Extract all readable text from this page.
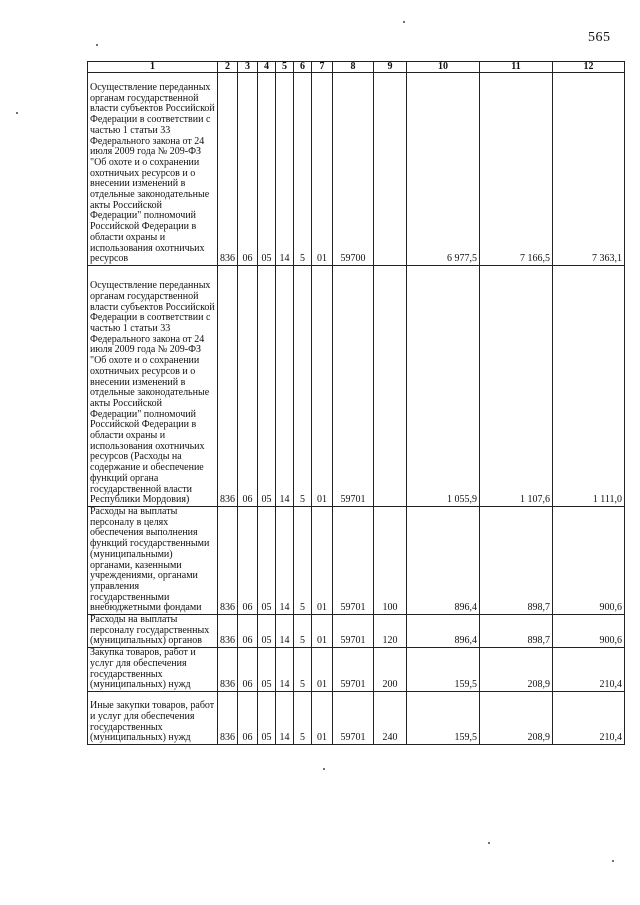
565
1	2	3	4	5	6	7	8	9	10	11	12
Осуществление переданных органам государственной власти субъектов Российской Федерации в соответствии с частью 1 статьи 33 Федерального закона от 24 июля 2009 года № 209-ФЗ "Об охоте и о сохранении охотничьих ресурсов и о внесении изменений в отдельные законодательные акты Российской Федерации" полномочий Российской Федерации в области охраны и использования охотничьих ресурсов	836	06	05	14	5	01	59700		6 977,5	7 166,5	7 363,1
Осуществление переданных органам государственной власти субъектов Российской Федерации в соответствии с частью 1 статьи 33 Федерального закона от 24 июля 2009 года № 209-ФЗ "Об охоте и о сохранении охотничьих ресурсов и о внесении изменений в отдельные законодательные акты Российской Федерации" полномочий Российской Федерации в области охраны и использования охотничьих ресурсов (Расходы на содержание и обеспечение функций органа государственной власти Республики Мордовия)	836	06	05	14	5	01	59701		1 055,9	1 107,6	1 111,0
Расходы на выплаты персоналу в целях обеспечения выполнения функций государственными (муниципальными) органами, казенными учреждениями, органами управления государственными внебюджетными фондами	836	06	05	14	5	01	59701	100	896,4	898,7	900,6
Расходы на выплаты персоналу государственных (муниципальных) органов	836	06	05	14	5	01	59701	120	896,4	898,7	900,6
Закупка товаров, работ и услуг для обеспечения государственных (муниципальных) нужд	836	06	05	14	5	01	59701	200	159,5	208,9	210,4
Иные закупки товаров, работ и услуг для обеспечения государственных (муниципальных) нужд	836	06	05	14	5	01	59701	240	159,5	208,9	210,4
